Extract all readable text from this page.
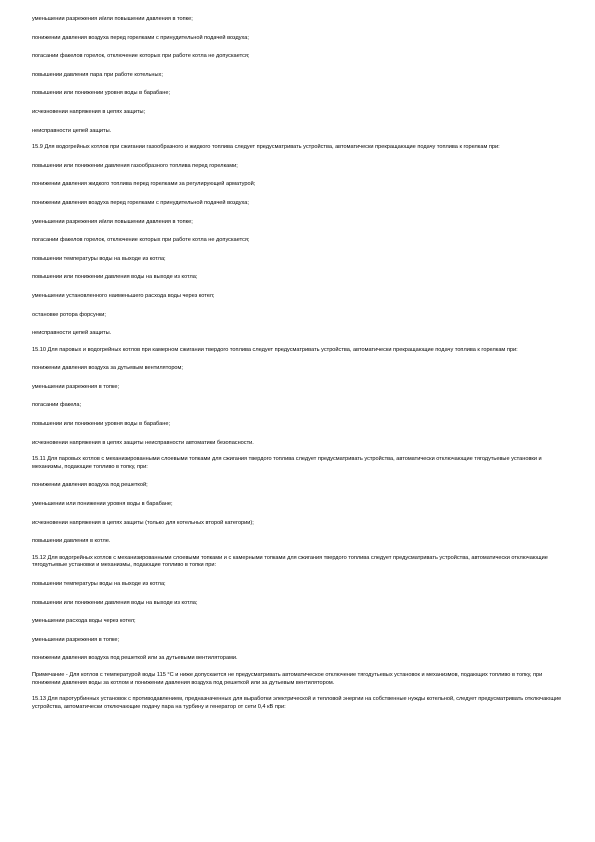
уменьшении разрежения и/или повышении давления в топке;

понижении давления воздуха перед горелками с принудительной подачей воздуха;

погасании факелов горелок, отключение которых при работе котла не допускается;

повышении давления пара при работе котельных;

повышении или понижении уровня воды в барабане;

исчезновении напряжения в цепях защиты;

неисправности цепей защиты.

15.9 Для водогрейных котлов при сжигании газообразного и жидкого топлива следует предусматривать устройства, автоматически прекращающие подачу топлива к горелкам при:

повышении или понижении давления газообразного топлива перед горелками;

понижении давления жидкого топлива перед горелками за регулирующей арматурой;

понижении давления воздуха перед горелками с принудительной подачей воздуха;

уменьшении разрежения и/или повышении давления в топке;

погасании факелов горелок, отключение которых при работе котла не допускается;

повышении температуры воды на выходе из котла;

повышении или понижении давления воды на выходе из котла;

уменьшении установленного наименьшего расхода воды через котел;

остановке ротора форсунки;

неисправности цепей защиты.

15.10 Для паровых и водогрейных котлов при камерном сжигании твердого топлива следует предусматривать устройства, автоматически прекращающие подачу топлива к горелкам при:

понижении давления воздуха за дутьевым вентилятором;

уменьшении разрежения в топке;

погасании факела;

повышении или понижении уровня воды в барабане;

исчезновении напряжения в цепях защиты неисправности автоматики безопасности.

15.11 Для паровых котлов с механизированными слоевыми топками для сжигания твердого топлива следует предусматривать устройства, автоматически отключающие тягодутьевые установки и механизмы, подающие топливо в топку, при:

понижении давления воздуха под решеткой;

уменьшении или понижении уровня воды в барабане;

исчезновении напряжения в цепях защиты (только для котельных второй категории);

повышении давления в котле.

15.12 Для водогрейных котлов с механизированными слоевыми топками и с камерными топками для сжигания твердого топлива следует предусматривать устройства, автоматически отключающие тягодутьевые установки и механизмы, подающие топливо в топки при:

повышении температуры воды на выходе из котла;

повышении или понижении давления воды на выходе из котла;

уменьшении расхода воды через котел;

уменьшении разрежения в топке;

понижении давления воздуха под решеткой или за дутьевыми вентиляторами.

Примечание - Для котлов с температурой воды 115 °С и ниже допускается не предусматривать автоматическое отключение тягодутьевых установок и механизмов, подающих топливо в топку, при понижении давления воды за котлом и понижении давления воздуха под решеткой или за дутьевым вентилятором.

15.13 Для паротурбинных установок с противодавлением, предназначенных для выработки электрической и тепловой энергии на собственные нужды котельной, следует предусматривать отключающие устройства, автоматически отключающие подачу пара на турбину и генератор от сети 0,4 кВ при:
